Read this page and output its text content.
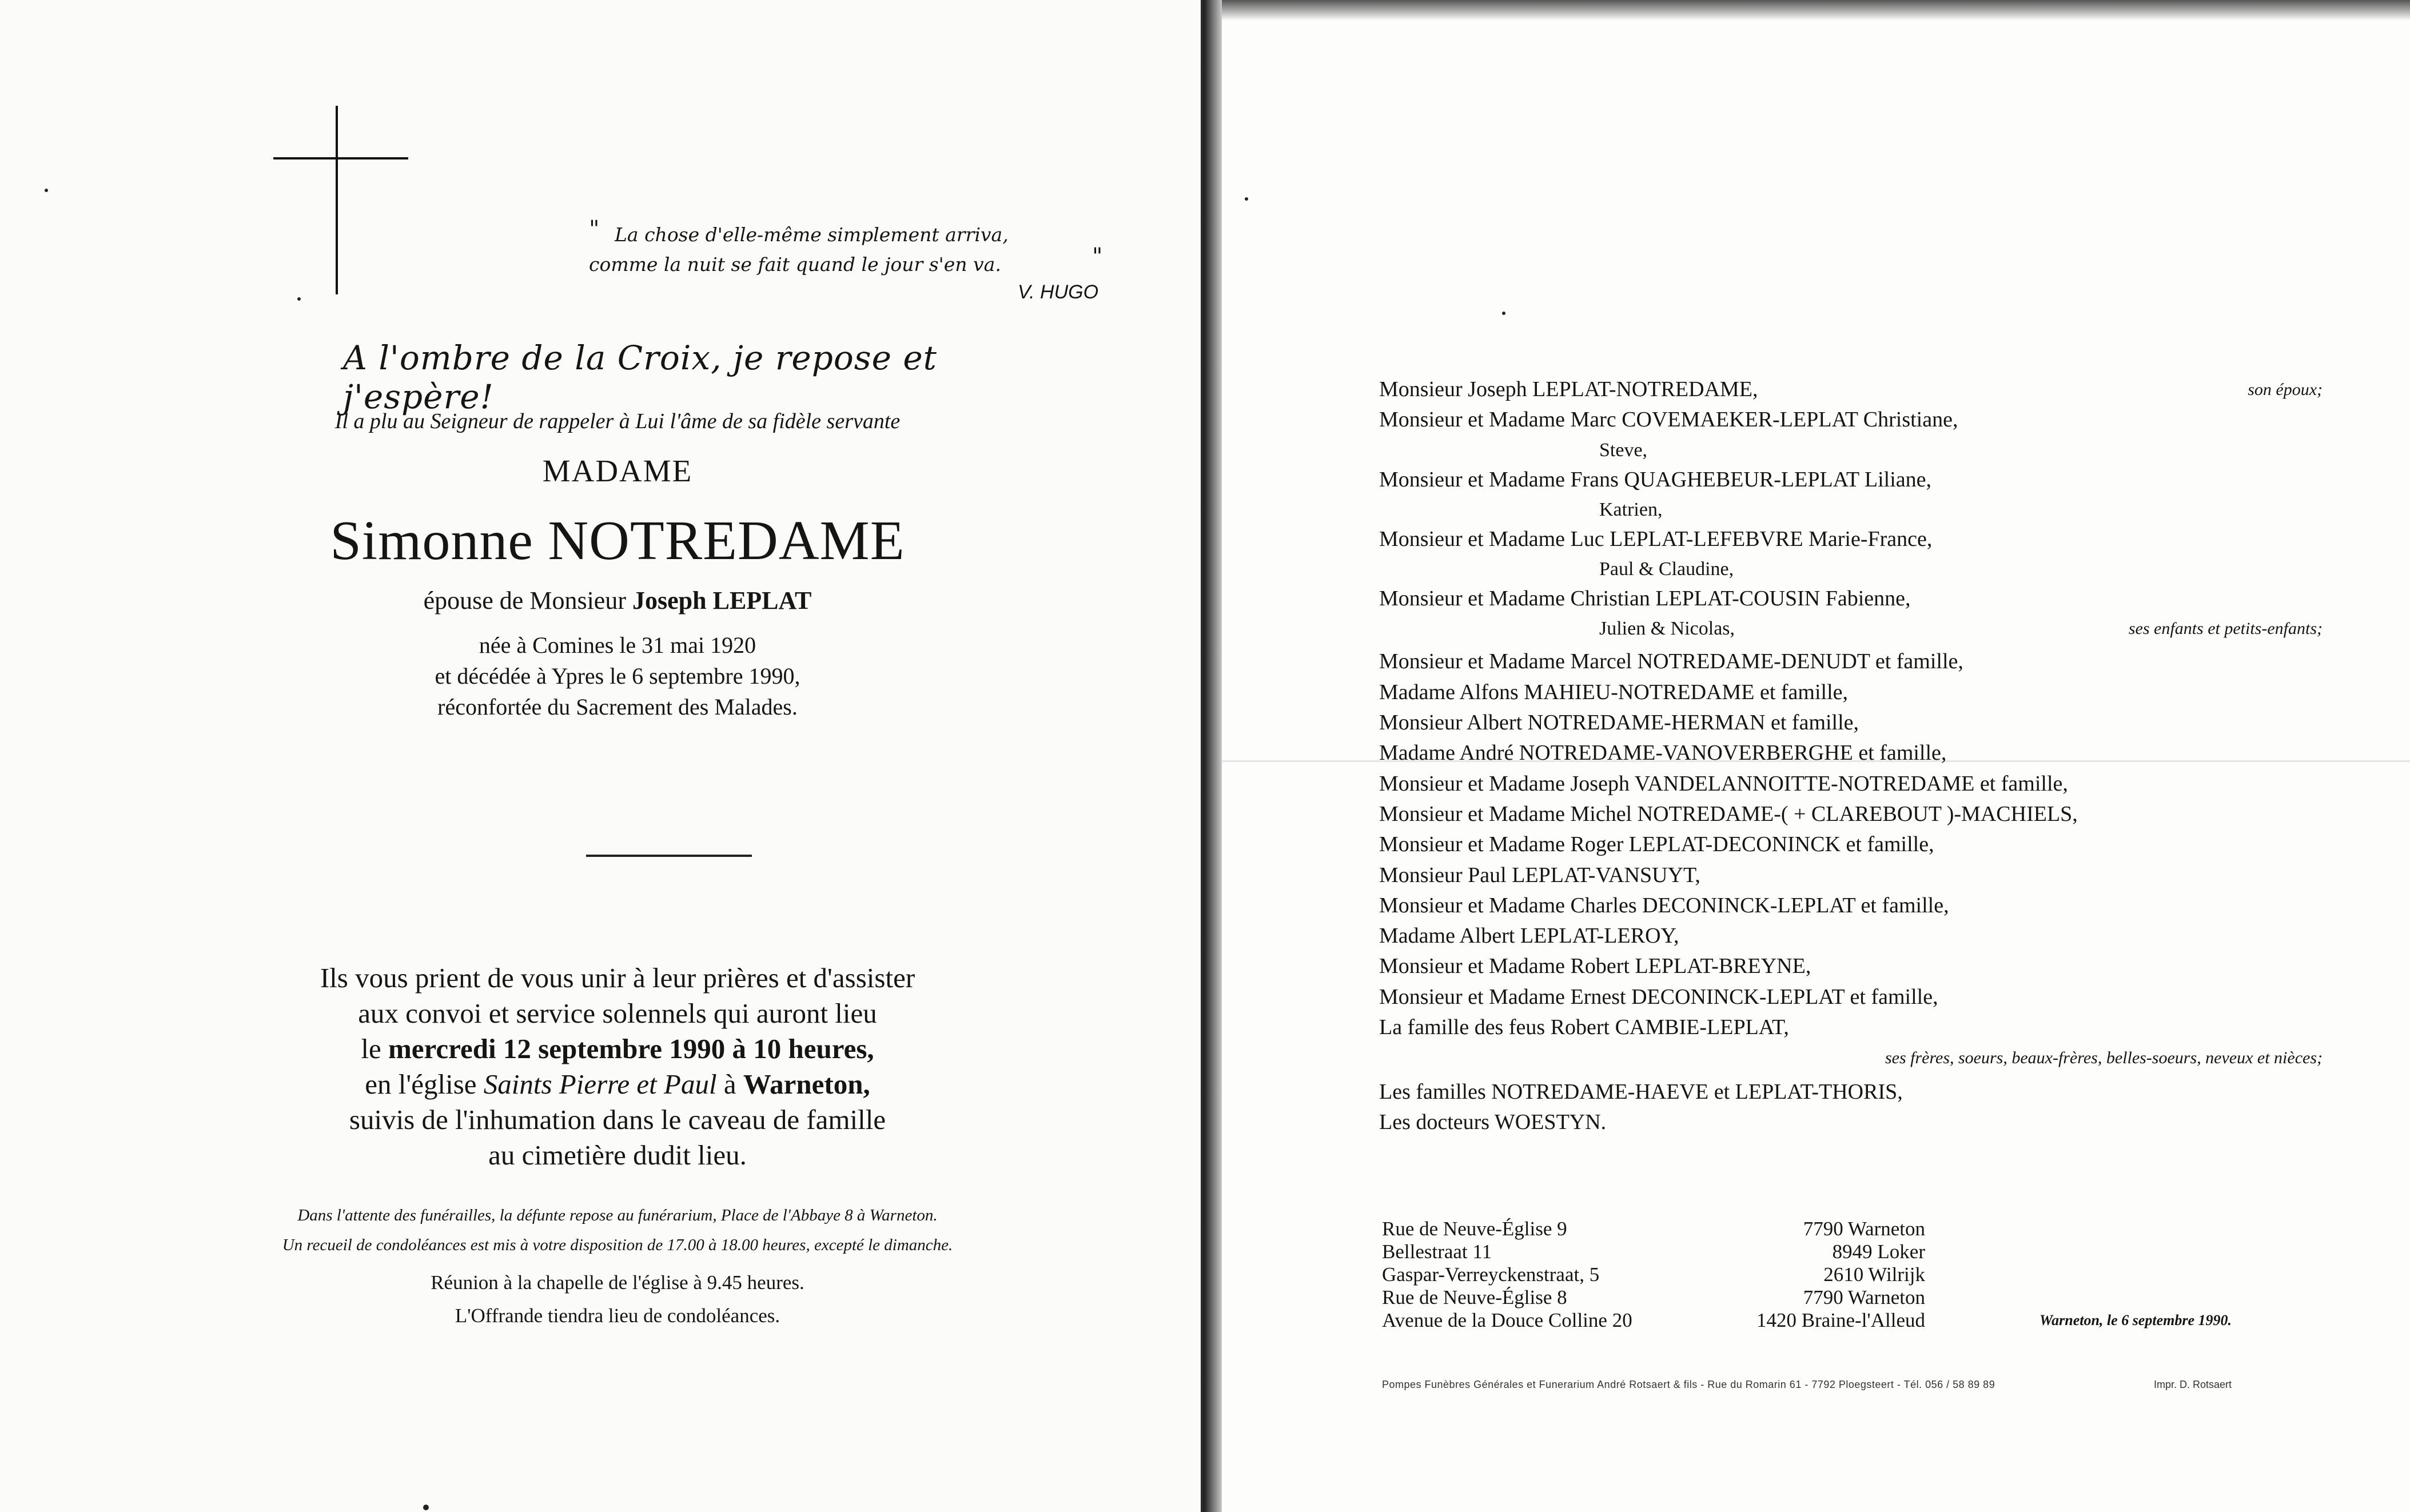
" La chose d'elle-même simplement arriva,
comme la nuit se fait quand le jour s'en va.	"
V. HUGO
A l'ombre de la Croix, je repose et j'espère!
Il a plu au Seigneur de rappeler à Lui l'âme de sa fidèle servante
MADAME
Simonne NOTREDAME
épouse de Monsieur Joseph LEPLAT
née à Comines le 31 mai 1920
et décédée à Ypres le 6 septembre 1990,
réconfortée du Sacrement des Malades.
Ils vous prient de vous unir à leur prières et d'assister
aux convoi et service solennels qui auront lieu
le mercredi 12 septembre 1990 à 10 heures,
en l'église Saints Pierre et Paul à Warneton,
suivis de l'inhumation dans le caveau de famille
au cimetière dudit lieu.
Dans l'attente des funérailles, la défunte repose au funérarium, Place de l'Abbaye 8 à Warneton.
Un recueil de condoléances est mis à votre disposition de 17.00 à 18.00 heures, excepté le dimanche.
Réunion à la chapelle de l'église à 9.45 heures.
L'Offrande tiendra lieu de condoléances.
Monsieur Joseph LEPLAT-NOTREDAME,	son époux;
Monsieur et Madame Marc COVEMAEKER-LEPLAT Christiane,
Steve,
Monsieur et Madame Frans QUAGHEBEUR-LEPLAT Liliane,
Katrien,
Monsieur et Madame Luc LEPLAT-LEFEBVRE Marie-France,
Paul & Claudine,
Monsieur et Madame Christian LEPLAT-COUSIN Fabienne,
Julien & Nicolas,	ses enfants et petits-enfants;
Monsieur et Madame Marcel NOTREDAME-DENUDT et famille,
Madame Alfons MAHIEU-NOTREDAME et famille,
Monsieur Albert NOTREDAME-HERMAN et famille,
Madame André NOTREDAME-VANOVERBERGHE et famille,
Monsieur et Madame Joseph VANDELANNOITTE-NOTREDAME et famille,
Monsieur et Madame Michel NOTREDAME-( + CLAREBOUT )-MACHIELS,
Monsieur et Madame Roger LEPLAT-DECONINCK et famille,
Monsieur Paul LEPLAT-VANSUYT,
Monsieur et Madame Charles DECONINCK-LEPLAT et famille,
Madame Albert LEPLAT-LEROY,
Monsieur et Madame Robert LEPLAT-BREYNE,
Monsieur et Madame Ernest DECONINCK-LEPLAT et famille,
La famille des feus Robert CAMBIE-LEPLAT,
ses frères, soeurs, beaux-frères, belles-soeurs, neveux et nièces;
Les familles NOTREDAME-HAEVE et LEPLAT-THORIS,
Les docteurs WOESTYN.
Rue de Neuve-Église 9	7790 Warneton
Bellestraat 11	8949 Loker
Gaspar-Verreyckenstraat, 5	2610 Wilrijk
Rue de Neuve-Église 8	7790 Warneton
Avenue de la Douce Colline 20	1420 Braine-l'Alleud	Warneton, le 6 septembre 1990.
Pompes Funèbres Générales et Funerarium André Rotsaert & fils - Rue du Romarin 61 - 7792 Ploegsteert - Tél. 056 / 58 89 89	Impr. D. Rotsaert
